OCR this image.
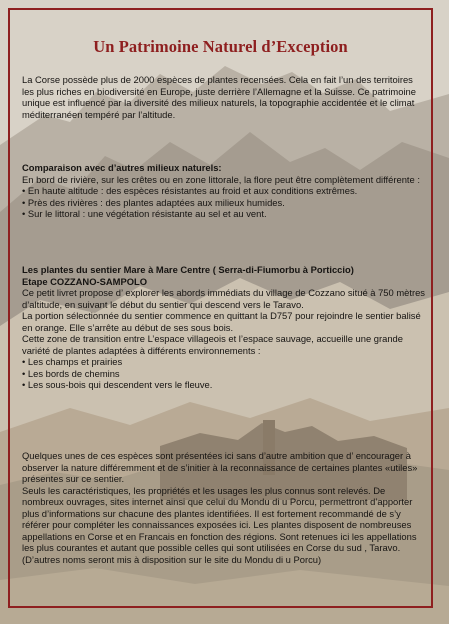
Un Patrimoine Naturel d’Exception

La Corse possède plus de 2000 espèces de plantes recensées. Cela en fait l’un des territoires les plus riches en biodiversité en Europe, juste derrière l’Allemagne et la Suisse. Ce patrimoine unique est influencé par la diversité des milieux naturels, la topographie accidentée et le climat méditerranéen tempéré par l’altitude.

Comparaison avec d’autres milieux naturels:

En bord de rivière, sur les crêtes ou en zone littorale, la flore peut être complètement différente :

• En haute altitude : des espèces résistantes au froid et aux conditions extrêmes.
• Près des rivières : des plantes adaptées aux milieux humides.
• Sur le littoral : une végétation résistante au sel et au vent.

Les plantes du sentier Mare à Mare Centre ( Serra-di-Fiumorbu à Porticcio)

Etape COZZANO-SAMPOLO

Ce petit livret propose d’ explorer les abords immédiats du village de Cozzano situé à 750 mètres d’altitude, en suivant le début du sentier qui descend vers le Taravo.

La portion sélectionnée du sentier commence en quittant la D757 pour rejoindre le sentier balisé en orange. Elle s’arrête au début de ses sous bois.

Cette zone de transition entre L’espace villageois et l’espace sauvage, accueille une grande variété de plantes adaptées à différents environnements :

• Les champs et prairies
• Les bords de chemins
• Les sous-bois qui descendent vers le fleuve.

Quelques unes de ces espèces sont présentées ici sans d’autre ambition que d’ encourager à observer la nature différemment et de s’initier à la reconnaissance de certaines plantes «utiles» présentes sur ce sentier.

Seuls les caractéristiques, les propriétés et les usages les plus connus sont relevés. De nombreux ouvrages, sites internet ainsi que celui du Mondu di u Porcu, permettront d’apporter plus d’informations sur chacune des plantes identifiées. Il est fortement recommandé de s’y référer pour compléter les connaissances exposées ici. Les plantes disposent de nombreuses appellations en Corse et en Francais en fonction des régions. Sont retenues ici les appellations les plus courantes et autant que possible celles qui sont utilisées en Corse du sud , Taravo. (D’autres noms seront mis à disposition sur le site du Mondu di u Porcu)
